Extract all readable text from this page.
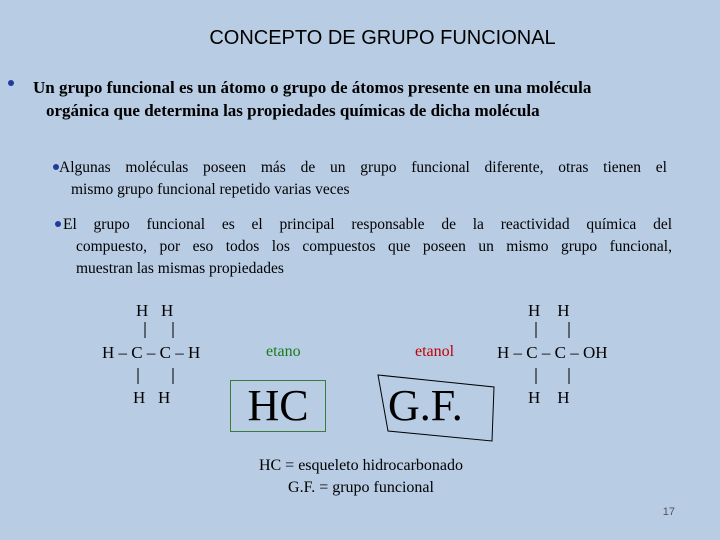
CONCEPTO DE GRUPO FUNCIONAL
Un grupo funcional es un átomo o grupo de átomos presente en una molécula
orgánica que determina las propiedades químicas de dicha molécula
Algunas moléculas poseen más de un grupo funcional diferente, otras tienen el
mismo grupo funcional repetido varias veces
El grupo funcional es el principal responsable de la reactividad química del
compuesto, por eso todos los compuestos que poseen un mismo grupo funcional,
muestran las mismas propiedades
H   H
H – C – C – H
H   H
etano	etanol
HC	G.F.
H    H
H – C – C – OH
H    H
HC = esqueleto hidrocarbonado
G.F. = grupo funcional
17
